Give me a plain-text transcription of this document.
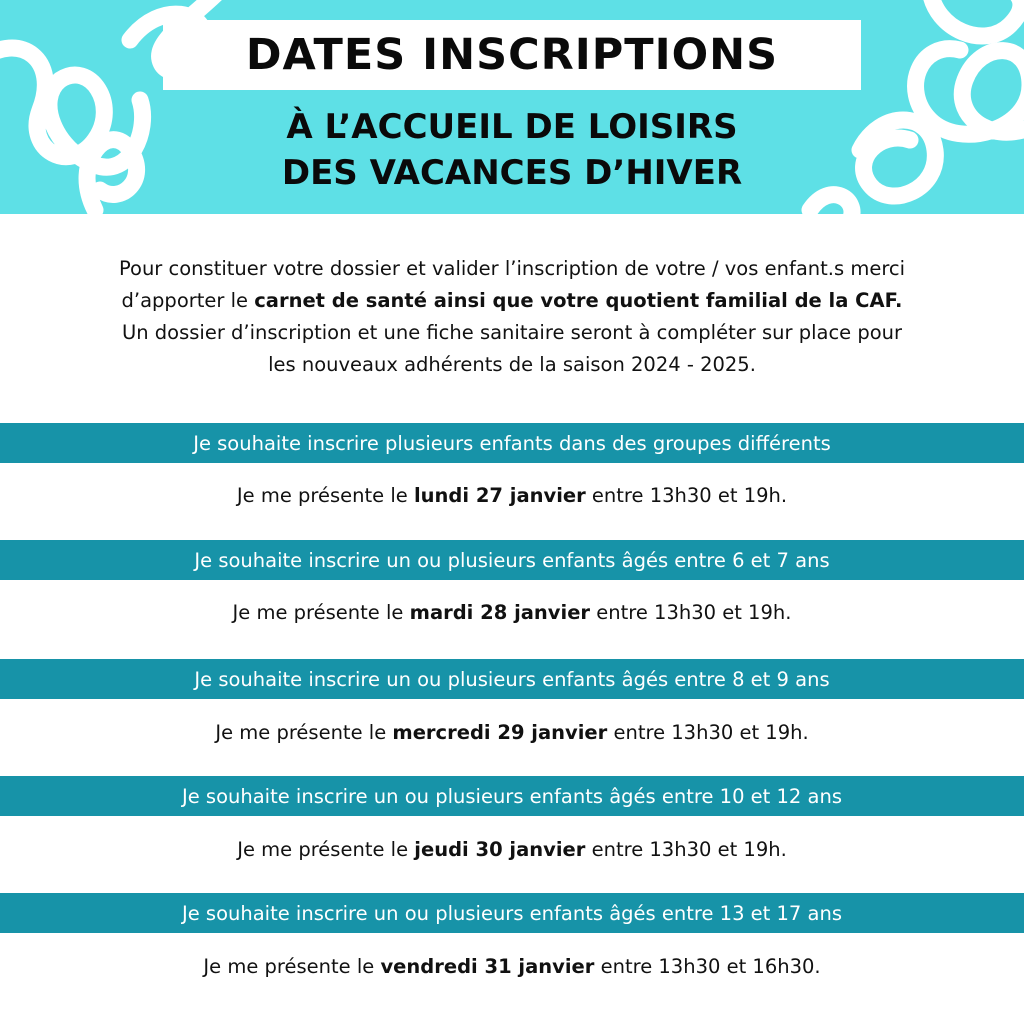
DATES INSCRIPTIONS
À L’ACCUEIL DE LOISIRS
DES VACANCES D’HIVER
Pour constituer votre dossier et valider l’inscription de votre / vos enfant.s merci
d’apporter le carnet de santé ainsi que votre quotient familial de la CAF.
Un dossier d’inscription et une fiche sanitaire seront à compléter sur place pour
les nouveaux adhérents de la saison 2024 - 2025.
Je souhaite inscrire plusieurs enfants dans des groupes différents
Je me présente le lundi 27 janvier entre 13h30 et 19h.
Je souhaite inscrire un ou plusieurs enfants âgés entre 6 et 7 ans
Je me présente le mardi 28 janvier entre 13h30 et 19h.
Je souhaite inscrire un ou plusieurs enfants âgés entre 8 et 9 ans
Je me présente le mercredi 29 janvier entre 13h30 et 19h.
Je souhaite inscrire un ou plusieurs enfants âgés entre 10 et 12 ans
Je me présente le jeudi 30 janvier entre 13h30 et 19h.
Je souhaite inscrire un ou plusieurs enfants âgés entre 13 et 17 ans
Je me présente le vendredi 31 janvier entre 13h30 et 16h30.
